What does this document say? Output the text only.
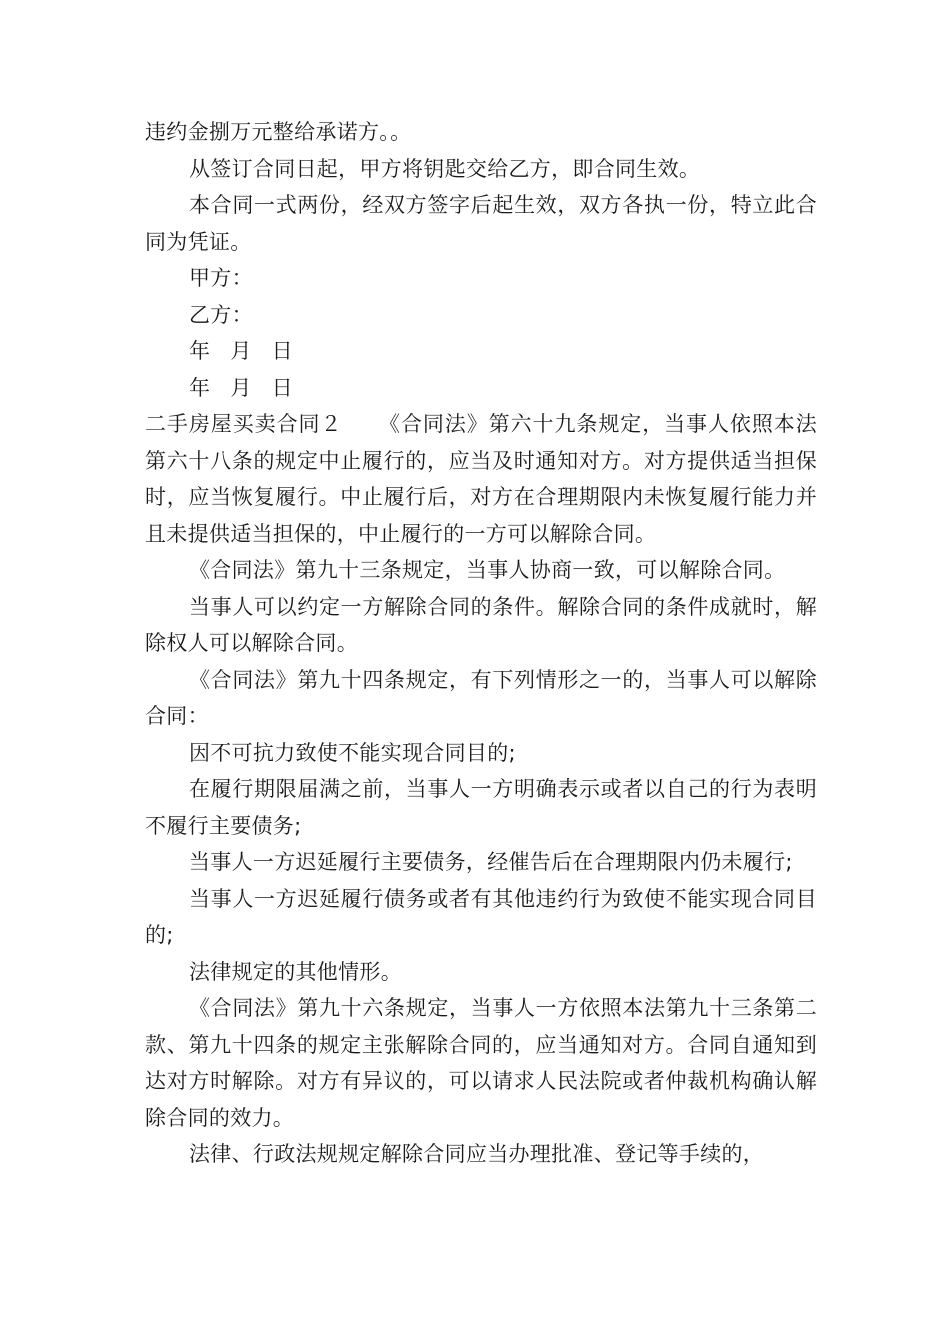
违约金捌万元整给承诺方。。

从签订合同日起，甲方将钥匙交给乙方，即合同生效。

本合同一式两份，经双方签字后起生效，双方各执一份，特立此合同为凭证。

甲方：

乙方：

年 月 日

年 月 日

二手房屋买卖合同２ 《合同法》第六十九条规定，当事人依照本法第六十八条的规定中止履行的，应当及时通知对方。对方提供适当担保时，应当恢复履行。中止履行后，对方在合理期限内未恢复履行能力并且未提供适当担保的，中止履行的一方可以解除合同。

《合同法》第九十三条规定，当事人协商一致，可以解除合同。

当事人可以约定一方解除合同的条件。解除合同的条件成就时，解除权人可以解除合同。

《合同法》第九十四条规定，有下列情形之一的，当事人可以解除合同：

因不可抗力致使不能实现合同目的;

在履行期限届满之前，当事人一方明确表示或者以自己的行为表明不履行主要债务;

当事人一方迟延履行主要债务，经催告后在合理期限内仍未履行;

当事人一方迟延履行债务或者有其他违约行为致使不能实现合同目的;

法律规定的其他情形。

《合同法》第九十六条规定，当事人一方依照本法第九十三条第二款、第九十四条的规定主张解除合同的，应当通知对方。合同自通知到达对方时解除。对方有异议的，可以请求人民法院或者仲裁机构确认解除合同的效力。

法律、行政法规规定解除合同应当办理批准、登记等手续的，
